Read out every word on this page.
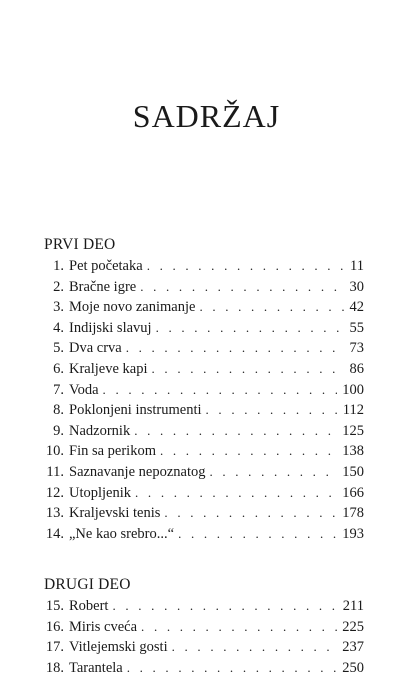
SADRŽAJ
PRVI DEO
1. Pet početaka . . .	11
2. Bračne igre . . .	30
3. Moje novo zanimanje . . .	42
4. Indijski slavuj . . .	55
5. Dva crva . . .	73
6. Kraljeve kapi . . .	86
7. Voda . . .	100
8. Poklonjeni instrumenti . . .	112
9. Nadzornik . . .	125
10. Fin sa perikom . . .	138
11. Saznavanje nepoznatog . . .	150
12. Utopljenik . . .	166
13. Kraljevski tenis . . .	178
14. „Ne kao srebro...“ . . .	193
DRUGI DEO
15. Robert . . .	211
16. Miris cveća . . .	225
17. Vitlejemski gosti . . .	237
18. Tarantela . . .	250
